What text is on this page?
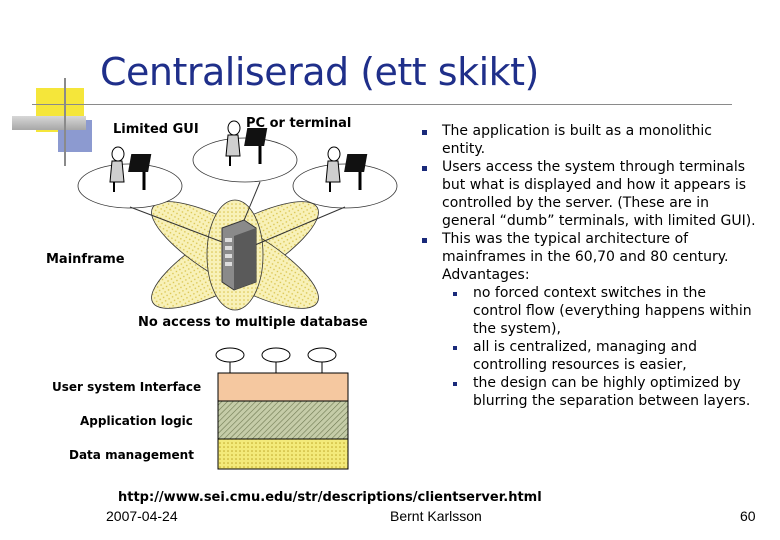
Centraliserad (ett skikt)
Limited GUI	PC or terminal
Mainframe
No access to multiple database
User system Interface
Application logic
Data management
The application is built as a monolithic entity.
Users access the system through terminals but what is displayed and how it appears is controlled by the server. (These are in general “dumb” terminals, with limited GUI).
This was the typical architecture of mainframes in the 60,70 and 80 century. Advantages:
no forced context switches in the control flow (everything happens within the system),
all is centralized, managing and controlling resources is easier,
the design can be highly optimized by blurring the separation between layers.
http://www.sei.cmu.edu/str/descriptions/clientserver.html
2007-04-24	Bernt Karlsson	60
